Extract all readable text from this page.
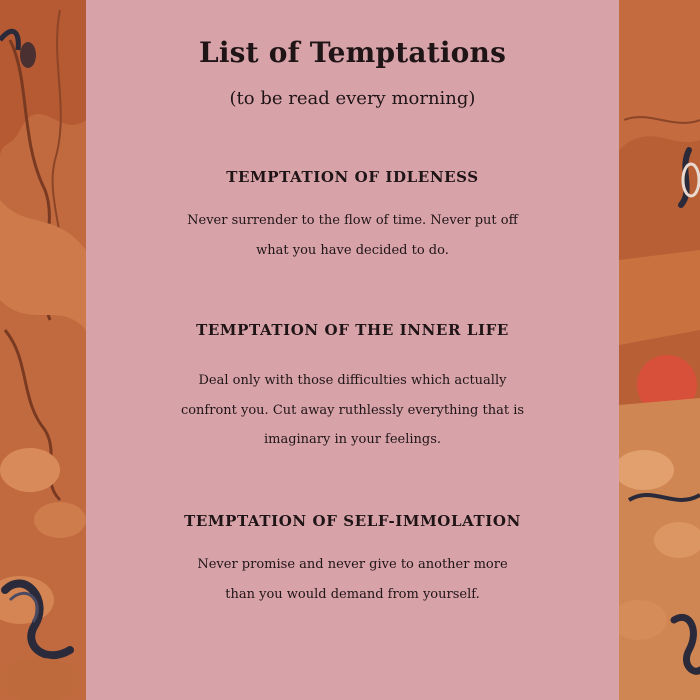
List of Temptations
(to be read every morning)
TEMPTATION OF IDLENESS

Never surrender to the flow of time. Never put off
what you have decided to do.

TEMPTATION OF THE INNER LIFE

Deal only with those difficulties which actually
confront you. Cut away ruthlessly everything that is
imaginary in your feelings.

TEMPTATION OF SELF-IMMOLATION

Never promise and never give to another more
than you would demand from yourself.
